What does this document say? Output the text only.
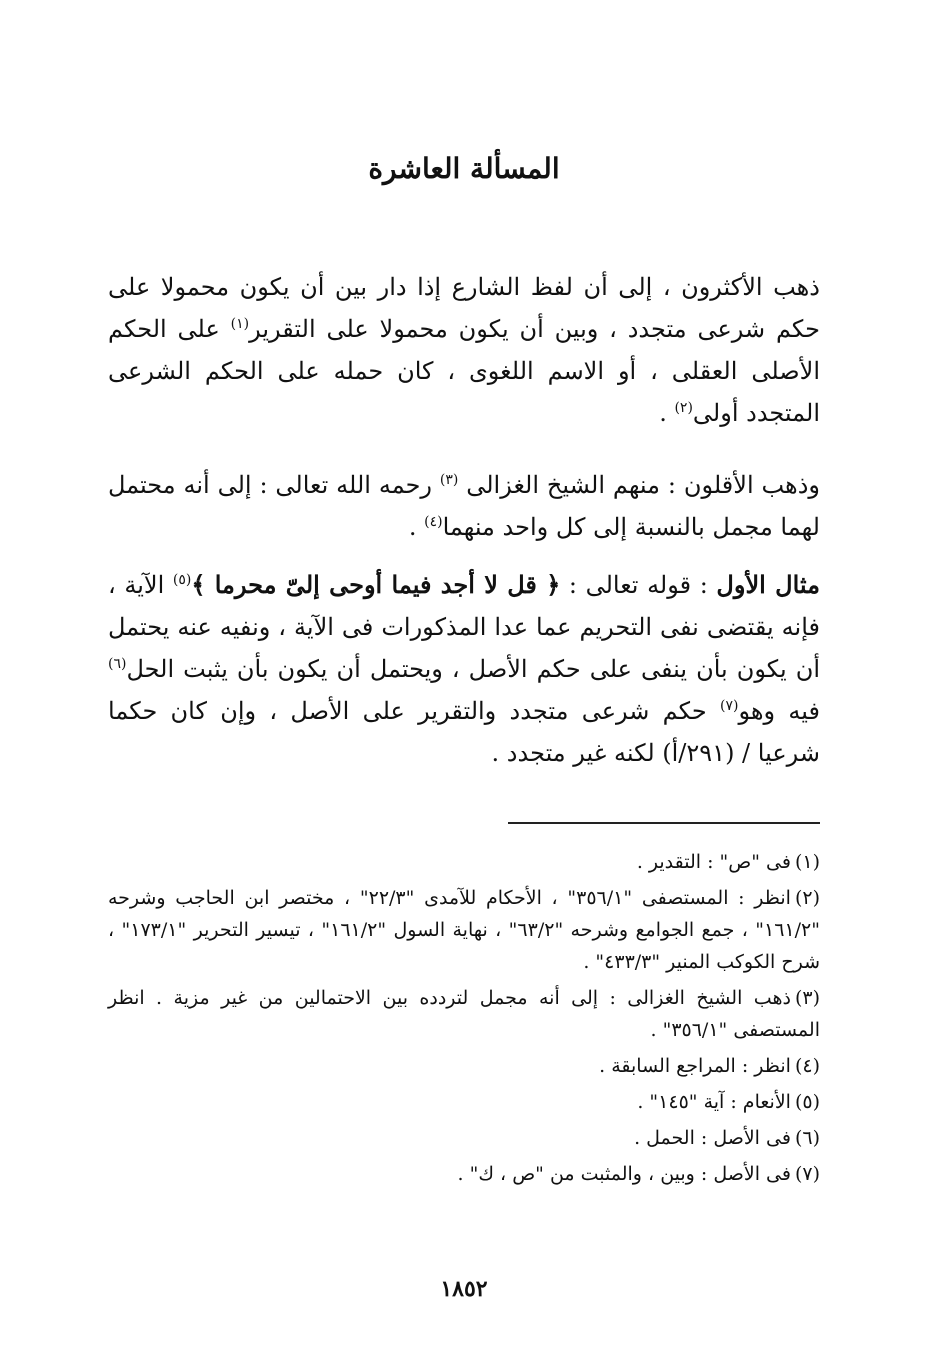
المسألة العاشرة

ذهب الأكثرون ، إلى أن لفظ الشارع إذا دار بين أن يكون محمولا على حكم شرعى متجدد ، وبين أن يكون محمولا على التقرير$^{(١)}$ على الحكم الأصلى العقلى ، أو الاسم اللغوى ، كان حمله على الحكم الشرعى المتجدد أولى$^{(٢)}$ .

وذهب الأقلون : منهم الشيخ الغزالى $^{(٣)}$ رحمه الله تعالى : إلى أنه محتمل لهما مجمل بالنسبة إلى كل واحد منهما$^{(٤)}$ .

مثال الأول : قوله تعالى : ﴿ قل لا أجد فيما أوحى إلىّ محرما ﴾$^{(٥)}$ الآية ، فإنه يقتضى نفى التحريم عما عدا المذكورات فى الآية ، ونفيه عنه يحتمل أن يكون بأن ينفى على حكم الأصل ، ويحتمل أن يكون بأن يثبت الحل$^{(٦)}$ فيه وهو$^{(٧)}$ حكم شرعى متجدد والتقرير على الأصل ، وإن كان حكما شرعيا / (٢٩١/أ) لكنه غير متجدد .

(١)فى "ص" : التقدير .

(٢)انظر : المستصفى "٣٥٦/١" ، الأحكام للآمدى "٢٢/٣" ، مختصر ابن الحاجب وشرحه "١٦١/٢" ، جمع الجوامع وشرحه "٦٣/٢" ، نهاية السول "١٦١/٢" ، تيسير التحرير "١٧٣/١" ، شرح الكوكب المنير "٤٣٣/٣" .

(٣)ذهب الشيخ الغزالى : إلى أنه مجمل لتردده بين الاحتمالين من غير مزية . انظر المستصفى "٣٥٦/١" .

(٤)انظر : المراجع السابقة .

(٥)الأنعام : آية "١٤٥" .

(٦)فى الأصل : الحمل .

(٧)فى الأصل : وبين ، والمثبت من "ص ، ك" .

١٨٥٢
